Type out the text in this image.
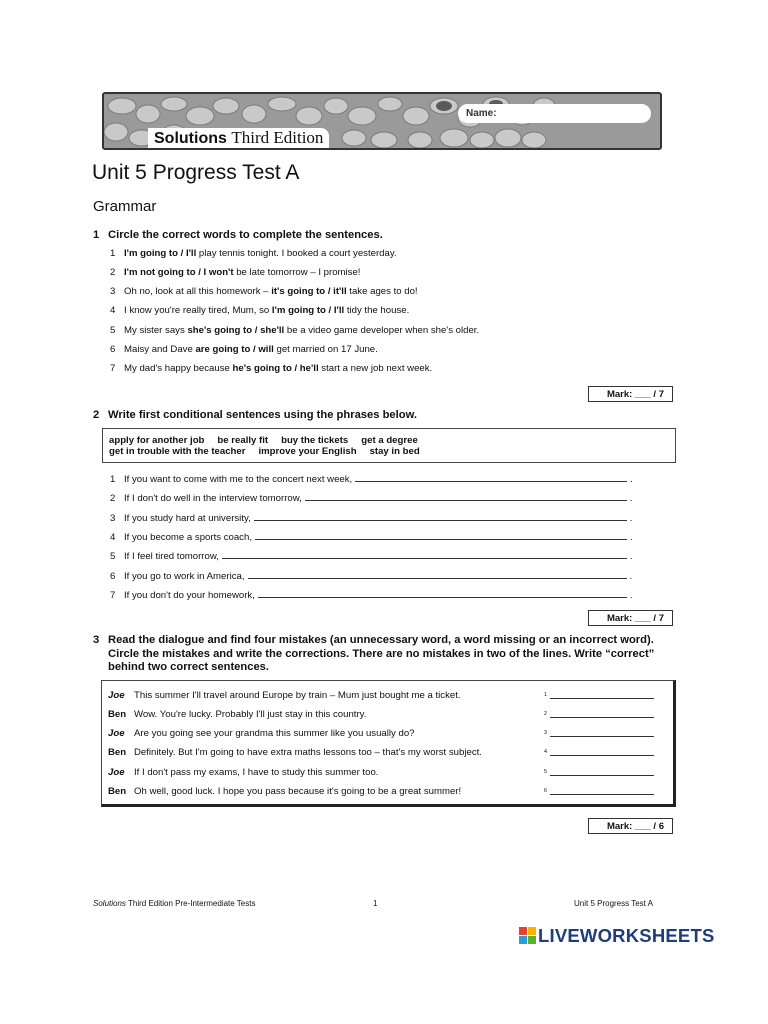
Solutions Third Edition
Name:
Unit 5 Progress Test A
Grammar
1 Circle the correct words to complete the sentences.
1 I'm going to / I'll play tennis tonight. I booked a court yesterday.
2 I'm not going to / I won't be late tomorrow – I promise!
3 Oh no, look at all this homework – it's going to / it'll take ages to do!
4 I know you're really tired, Mum, so I'm going to / I'll tidy the house.
5 My sister says she's going to / she'll be a video game developer when she's older.
6 Maisy and Dave are going to / will get married on 17 June.
7 My dad's happy because he's going to / he'll start a new job next week.
Mark: ___ / 7
2 Write first conditional sentences using the phrases below.
apply for another job be really fit buy the tickets get a degree
get in trouble with the teacher improve your English stay in bed
1 If you want to come with me to the concert next week,	.
2 If I don't do well in the interview tomorrow,	.
3 If you study hard at university,	.
4 If you become a sports coach,	.
5 If I feel tired tomorrow,	.
6 If you go to work in America,	.
7 If you don't do your homework,	.
Mark: ___ / 7
3 Read the dialogue and find four mistakes (an unnecessary word, a word missing or an incorrect word).
Circle the mistakes and write the corrections. There are no mistakes in two of the lines. Write “correct”
behind two correct sentences.
Joe This summer I'll travel around Europe by train – Mum just bought me a ticket.	$^1$
Ben Wow. You're lucky. Probably I'll just stay in this country.	$^2$
Joe Are you going see your grandma this summer like you usually do?	$^3$
Ben Definitely. But I'm going to have extra maths lessons too – that's my worst subject.	$^4$
Joe If I don't pass my exams, I have to study this summer too.	$^5$
Ben Oh well, good luck. I hope you pass because it's going to be a great summer!	$^6$
Mark: ___ / 6
Solutions Third Edition Pre-Intermediate Tests	1	Unit 5 Progress Test A
LIVEWORKSHEETS
